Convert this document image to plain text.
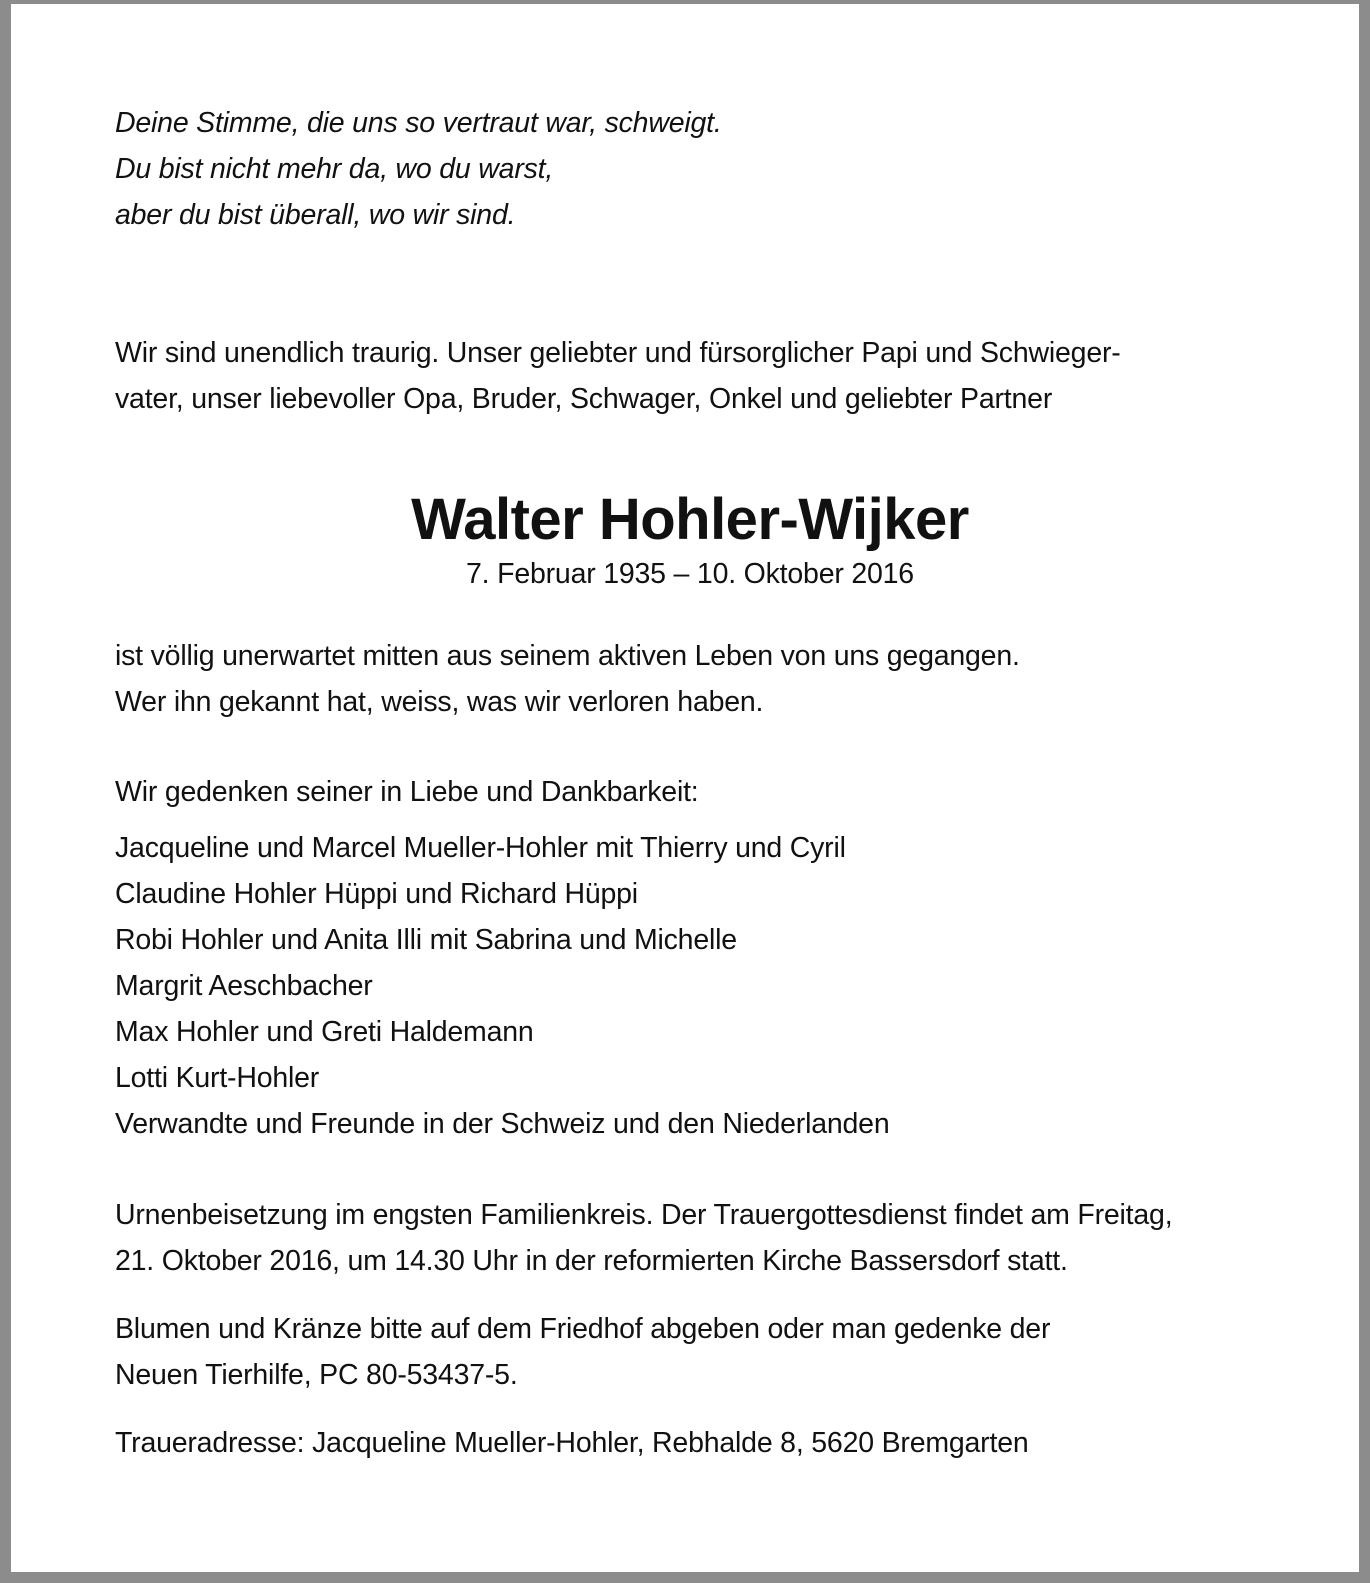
Deine Stimme, die uns so vertraut war, schweigt.
Du bist nicht mehr da, wo du warst,
aber du bist überall, wo wir sind.
Wir sind unendlich traurig. Unser geliebter und fürsorglicher Papi und Schwieger-
vater, unser liebevoller Opa, Bruder, Schwager, Onkel und geliebter Partner
Walter Hohler-Wijker
7. Februar 1935 – 10. Oktober 2016
ist völlig unerwartet mitten aus seinem aktiven Leben von uns gegangen.
Wer ihn gekannt hat, weiss, was wir verloren haben.
Wir gedenken seiner in Liebe und Dankbarkeit:
Jacqueline und Marcel Mueller-Hohler mit Thierry und Cyril
Claudine Hohler Hüppi und Richard Hüppi
Robi Hohler und Anita Illi mit Sabrina und Michelle
Margrit Aeschbacher
Max Hohler und Greti Haldemann
Lotti Kurt-Hohler
Verwandte und Freunde in der Schweiz und den Niederlanden
Urnenbeisetzung im engsten Familienkreis. Der Trauergottesdienst findet am Freitag,
21. Oktober 2016, um 14.30 Uhr in der reformierten Kirche Bassersdorf statt.
Blumen und Kränze bitte auf dem Friedhof abgeben oder man gedenke der
Neuen Tierhilfe, PC 80-53437-5.
Traueradresse: Jacqueline Mueller-Hohler, Rebhalde 8, 5620 Bremgarten
